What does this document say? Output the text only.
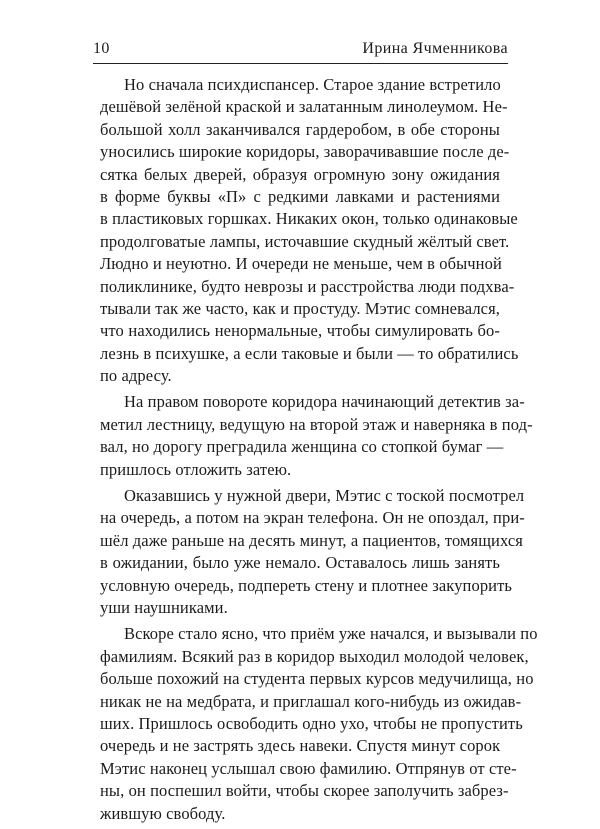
10	Ирина Ячменникова
Но сначала психдиспансер. Старое здание встретило
дешёвой зелёной краской и залатанным линолеумом. Не-
большой холл заканчивался гардеробом, в обе стороны
уносились широкие коридоры, заворачивавшие после де-
сятка белых дверей, образуя огромную зону ожидания
в форме буквы «П» с редкими лавками и растениями
в пластиковых горшках. Никаких окон, только одинаковые
продолговатые лампы, источавшие скудный жёлтый свет.
Людно и неуютно. И очереди не меньше, чем в обычной
поликлинике, будто неврозы и расстройства люди подхва-
тывали так же часто, как и простуду. Мэтис сомневался,
что находились ненормальные, чтобы симулировать бо-
лезнь в психушке, а если таковые и были — то обратились
по адресу.
На правом повороте коридора начинающий детектив за-
метил лестницу, ведущую на второй этаж и наверняка в под-
вал, но дорогу преградила женщина со стопкой бумаг —
пришлось отложить затею.
Оказавшись у нужной двери, Мэтис с тоской посмотрел
на очередь, а потом на экран телефона. Он не опоздал, при-
шёл даже раньше на десять минут, а пациентов, томящихся
в ожидании, было уже немало. Оставалось лишь занять
условную очередь, подперeть стену и плотнее закупорить
уши наушниками.
Вскоре стало ясно, что приём уже начался, и вызывали по
фамилиям. Всякий раз в коридор выходил молодой человек,
больше похожий на студента первых курсов медучилища, но
никак не на медбрата, и приглашал кого-нибудь из ожидав-
ших. Пришлось освободить одно ухо, чтобы не пропустить
очередь и не застрять здесь навеки. Спустя минут сорок
Мэтис наконец услышал свою фамилию. Отпрянув от сте-
ны, он поспешил войти, чтобы скорее заполучить забрез-
жившую свободу.
